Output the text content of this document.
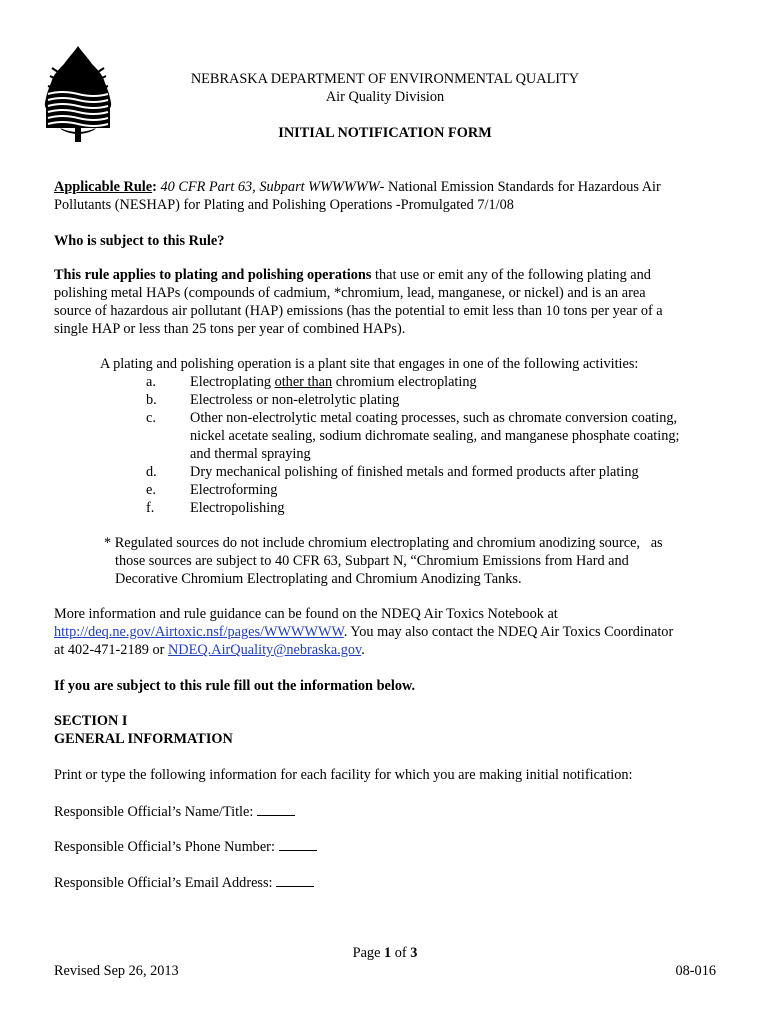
NEBRASKA DEPARTMENT OF ENVIRONMENTAL QUALITY
Air Quality Division
INITIAL NOTIFICATION FORM
Applicable Rule: 40 CFR Part 63, Subpart WWWWWW- National Emission Standards for Hazardous Air
Pollutants (NESHAP) for Plating and Polishing Operations -Promulgated 7/1/08
Who is subject to this Rule?
This rule applies to plating and polishing operations that use or emit any of the following plating and
polishing metal HAPs (compounds of cadmium, *chromium, lead, manganese, or nickel) and is an area
source of hazardous air pollutant (HAP) emissions (has the potential to emit less than 10 tons per year of a
single HAP or less than 25 tons per year of combined HAPs).
A plating and polishing operation is a plant site that engages in one of the following activities:
a. Electroplating other than chromium electroplating
b. Electroless or non-eletrolytic plating
c. Other non-electrolytic metal coating processes, such as chromate conversion coating,
nickel acetate sealing, sodium dichromate sealing, and manganese phosphate coating;
and thermal spraying
d. Dry mechanical polishing of finished metals and formed products after plating
e. Electroforming
f. Electropolishing
* Regulated sources do not include chromium electroplating and chromium anodizing source,   as
those sources are subject to 40 CFR 63, Subpart N, “Chromium Emissions from Hard and
Decorative Chromium Electroplating and Chromium Anodizing Tanks.
More information and rule guidance can be found on the NDEQ Air Toxics Notebook at
http://deq.ne.gov/Airtoxic.nsf/pages/WWWWWW. You may also contact the NDEQ Air Toxics Coordinator
at 402-471-2189 or NDEQ.AirQuality@nebraska.gov.
If you are subject to this rule fill out the information below.
SECTION I
GENERAL INFORMATION
Print or type the following information for each facility for which you are making initial notification:
Responsible Official’s Name/Title:
Responsible Official’s Phone Number:
Responsible Official’s Email Address:
Page 1 of 3
Revised Sep 26, 2013	08-016
